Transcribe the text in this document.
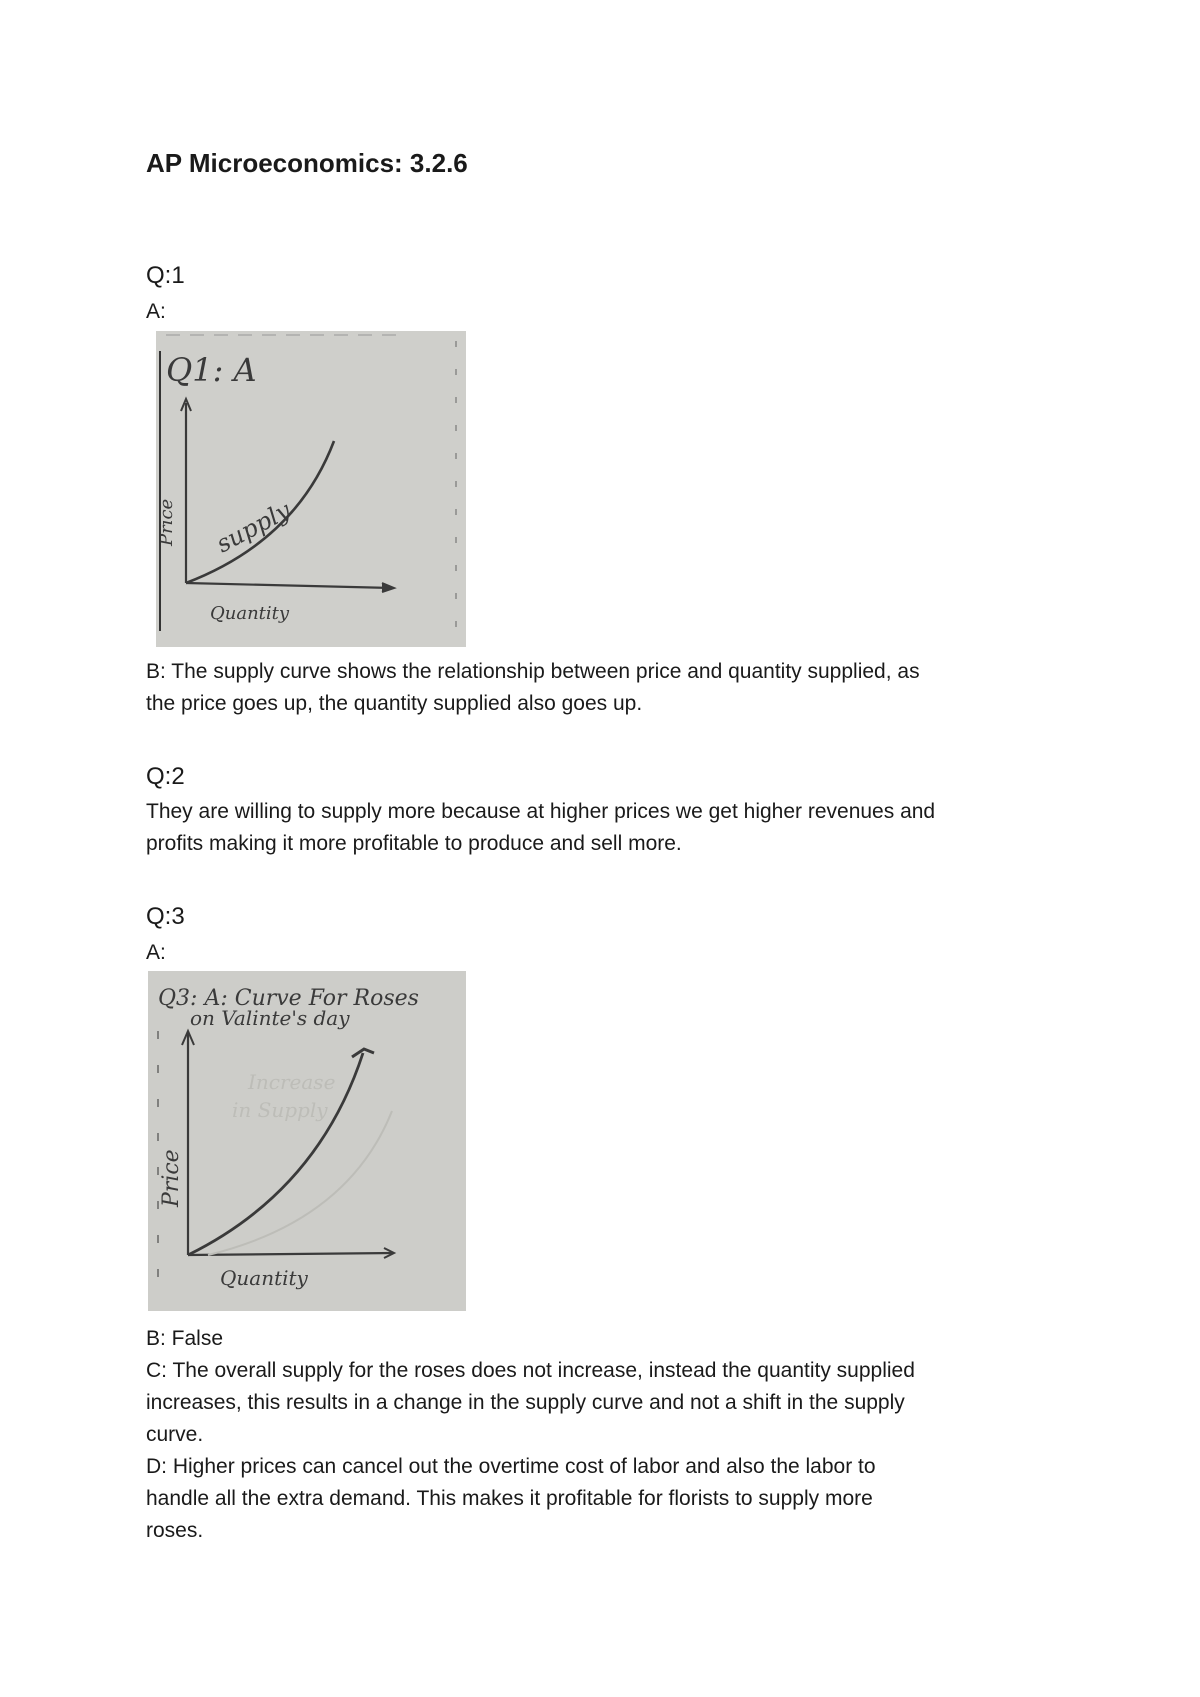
AP Microeconomics: 3.2.6
Q:1
A:
Q1: A
supply
Price
Quantity
B: The supply curve shows the relationship between price and quantity supplied, as
the price goes up, the quantity supplied also goes up.
Q:2
They are willing to supply more because at higher prices we get higher revenues and
profits making it more profitable to produce and sell more.
Q:3
A:
Q3: A: Curve For Roses
on Valinte's day
Increase
in Supply
Price
Quantity
B: False
C: The overall supply for the roses does not increase, instead the quantity supplied
increases, this results in a change in the supply curve and not a shift in the supply
curve.
D: Higher prices can cancel out the overtime cost of labor and also the labor to
handle all the extra demand. This makes it profitable for florists to supply more
roses.
